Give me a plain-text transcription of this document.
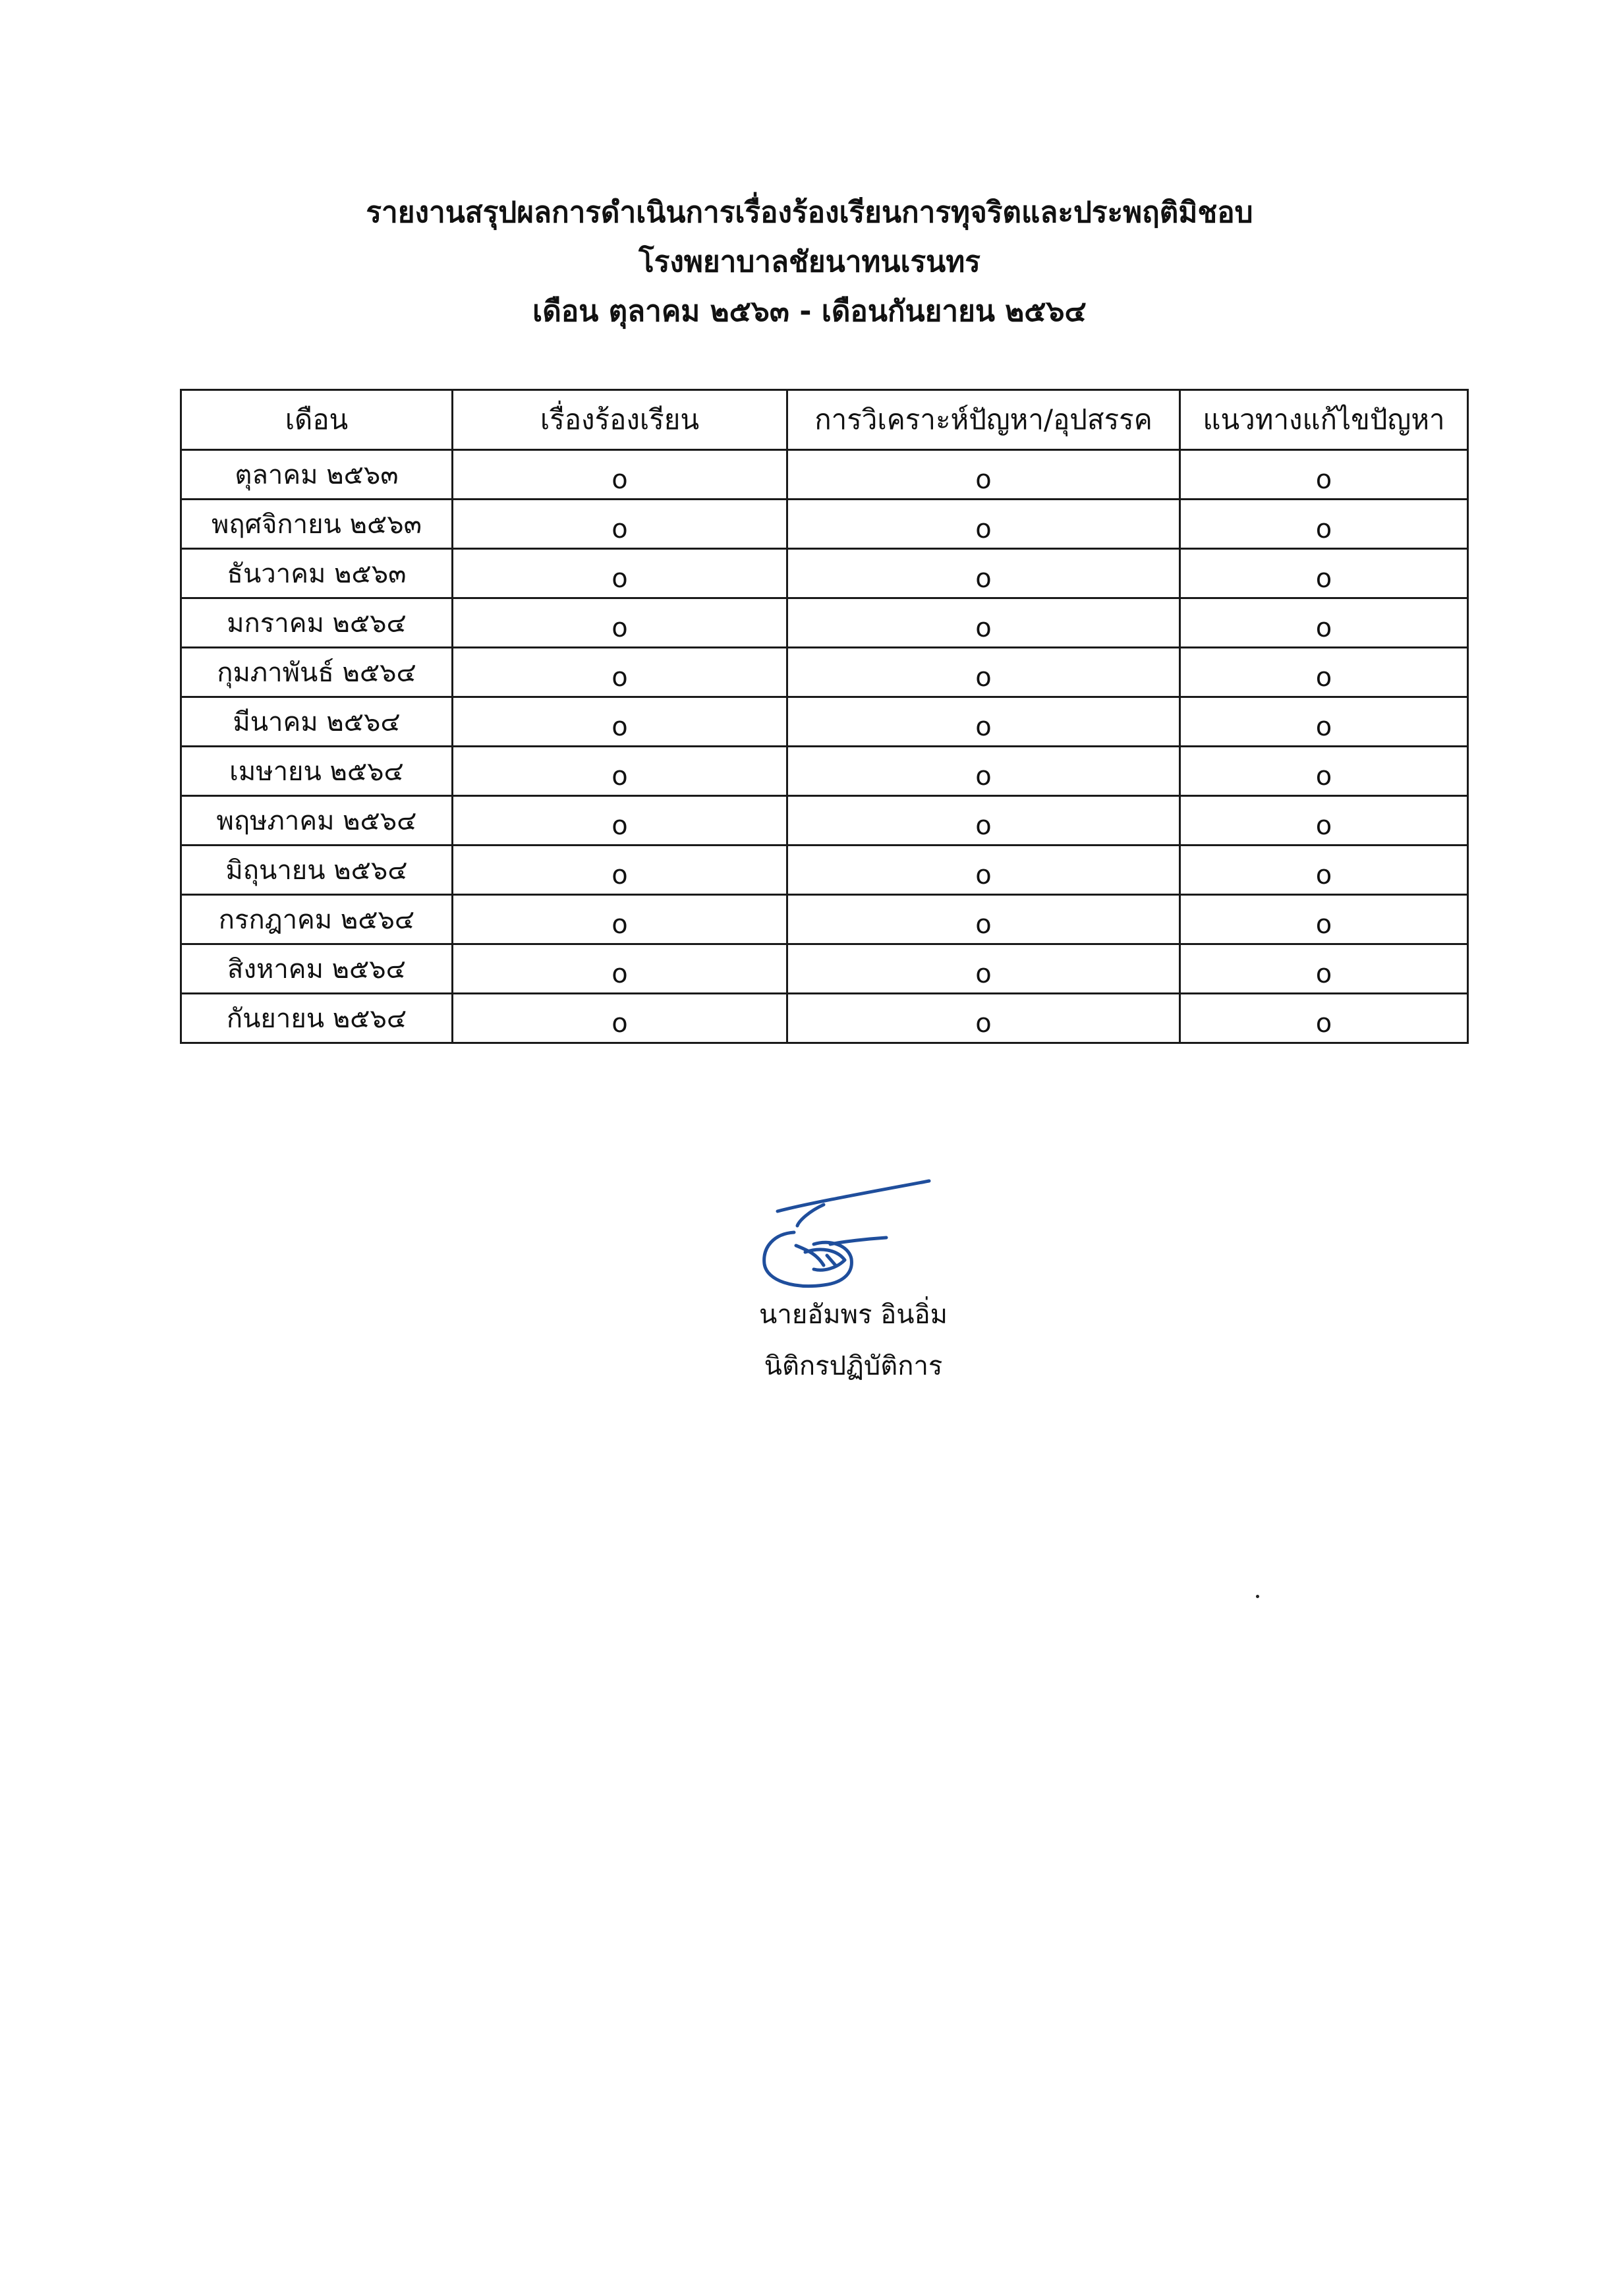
รายงานสรุปผลการดำเนินการเรื่องร้องเรียนการทุจริตและประพฤติมิชอบ
โรงพยาบาลชัยนาทนเรนทร
เดือน ตุลาคม ๒๕๖๓ - เดือนกันยายน ๒๕๖๔
เดือน	เรื่องร้องเรียน	การวิเคราะห์ปัญหา/อุปสรรค	แนวทางแก้ไขปัญหา
ตุลาคม ๒๕๖๓	o	o	o
พฤศจิกายน ๒๕๖๓	o	o	o
ธันวาคม ๒๕๖๓	o	o	o
มกราคม ๒๕๖๔	o	o	o
กุมภาพันธ์ ๒๕๖๔	o	o	o
มีนาคม ๒๕๖๔	o	o	o
เมษายน ๒๕๖๔	o	o	o
พฤษภาคม ๒๕๖๔	o	o	o
มิถุนายน ๒๕๖๔	o	o	o
กรกฎาคม ๒๕๖๔	o	o	o
สิงหาคม ๒๕๖๔	o	o	o
กันยายน ๒๕๖๔	o	o	o
นายอัมพร อินอิ่ม
นิติกรปฏิบัติการ
